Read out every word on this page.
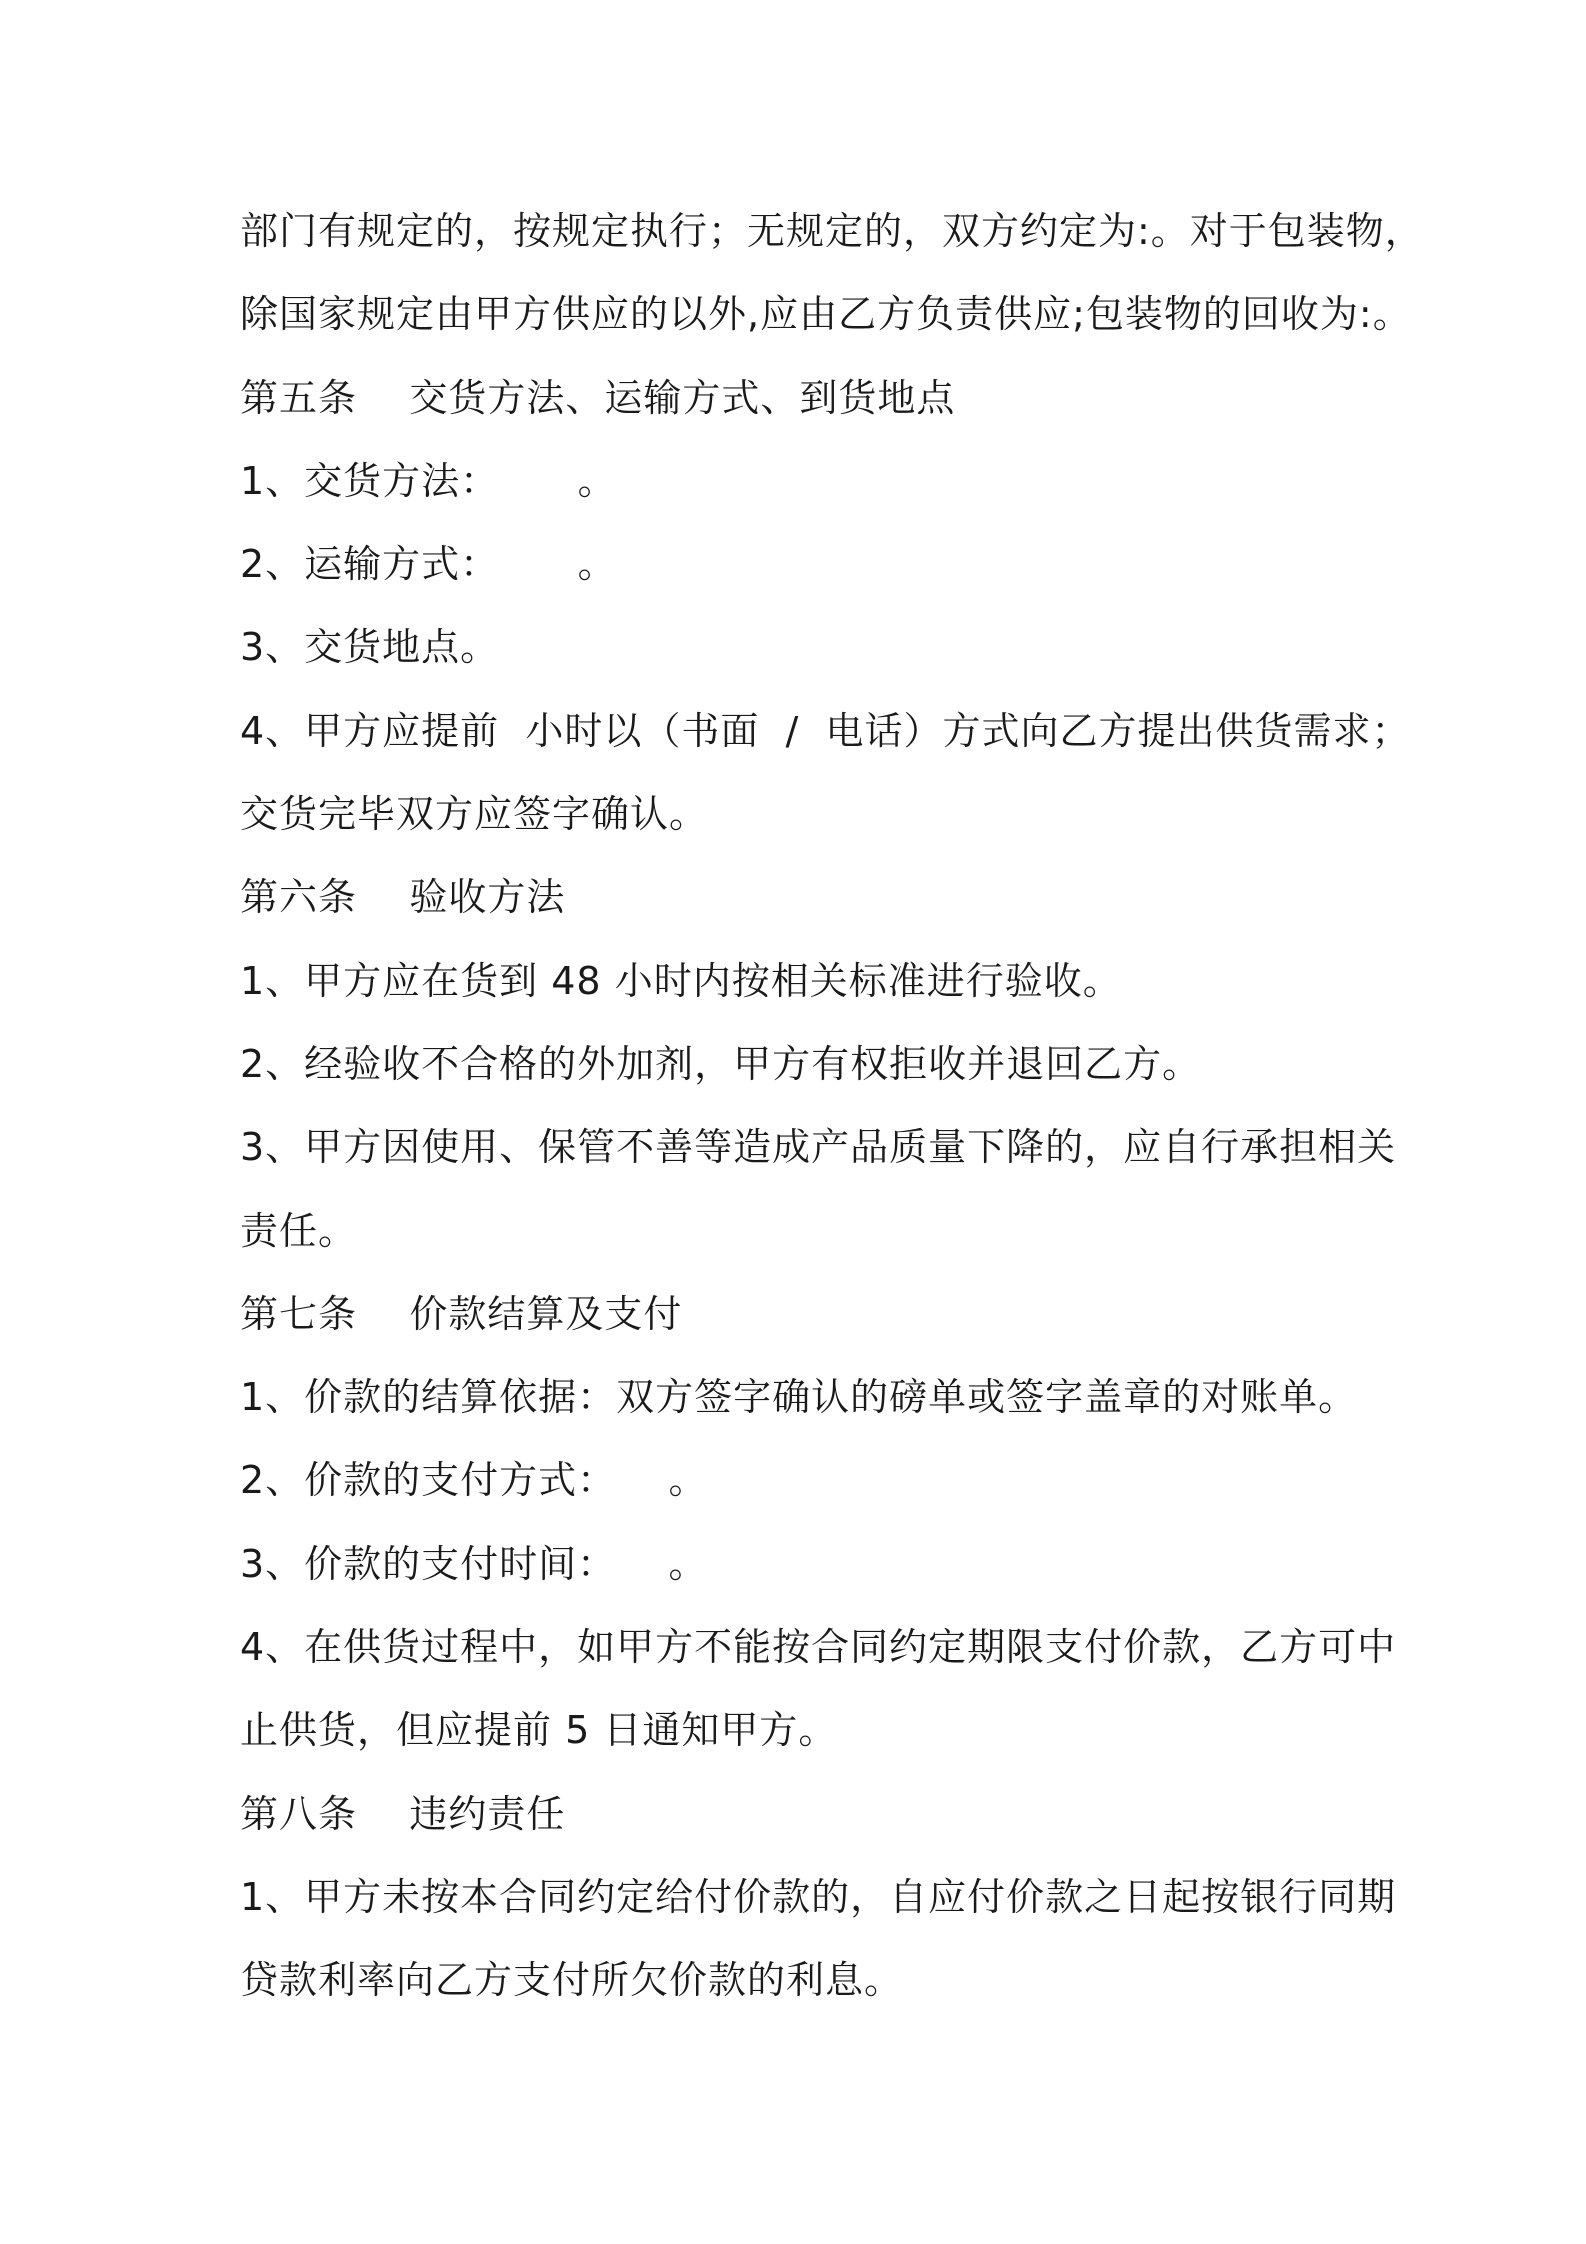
部门有规定的，按规定执行；无规定的，双方约定为:。对于包装物，
除国家规定由甲方供应的以外,应由乙方负责供应;包装物的回收为:。
第五条    交货方法、运输方式、到货地点
1、交货方法：      。
2、运输方式：      。
3、交货地点。
4、甲方应提前  小时以（书面  /  电话）方式向乙方提出供货需求；
交货完毕双方应签字确认。
第六条    验收方法
1、甲方应在货到 48 小时内按相关标准进行验收。
2、经验收不合格的外加剂，甲方有权拒收并退回乙方。
3、甲方因使用、保管不善等造成产品质量下降的，应自行承担相关
责任。
第七条    价款结算及支付
1、价款的结算依据：双方签字确认的磅单或签字盖章的对账单。
2、价款的支付方式：    。
3、价款的支付时间：    。
4、在供货过程中，如甲方不能按合同约定期限支付价款，乙方可中
止供货，但应提前 5 日通知甲方。
第八条    违约责任
1、甲方未按本合同约定给付价款的，自应付价款之日起按银行同期
贷款利率向乙方支付所欠价款的利息。
